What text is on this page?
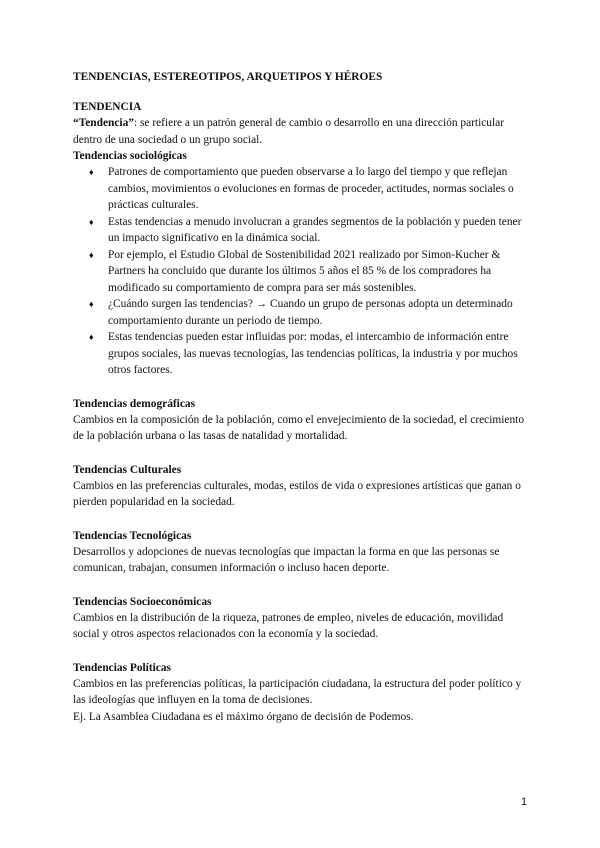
TENDENCIAS, ESTEREOTIPOS, ARQUETIPOS Y HÉROES
TENDENCIA

“Tendencia”: se refiere a un patrón general de cambio o desarrollo en una dirección particular dentro de una sociedad o un grupo social.

Tendencias sociológicas
♦ Patrones de comportamiento que pueden observarse a lo largo del tiempo y que reflejan cambios, movimientos o evoluciones en formas de proceder, actitudes, normas sociales o prácticas culturales.
♦ Estas tendencias a menudo involucran a grandes segmentos de la población y pueden tener un impacto significativo en la dinámica social.
♦ Por ejemplo, el Estudio Global de Sostenibilidad 2021 realizado por Simon-Kucher & Partners ha concluido que durante los últimos 5 años el 85 % de los compradores ha modificado su comportamiento de compra para ser más sostenibles.
♦ ¿Cuándo surgen las tendencias? → Cuando un grupo de personas adopta un determinado comportamiento durante un periodo de tiempo.
♦ Estas tendencias pueden estar influidas por: modas, el intercambio de información entre grupos sociales, las nuevas tecnologías, las tendencias políticas, la industria y por muchos otros factores.
Tendencias demográficas

Cambios en la composición de la población, como el envejecimiento de la sociedad, el crecimiento de la población urbana o las tasas de natalidad y mortalidad.

Tendencias Culturales

Cambios en las preferencias culturales, modas, estilos de vida o expresiones artísticas que ganan o pierden popularidad en la sociedad.

Tendencias Tecnológicas

Desarrollos y adopciones de nuevas tecnologías que impactan la forma en que las personas se comunican, trabajan, consumen información o incluso hacen deporte.

Tendencias Socioeconómicas

Cambios en la distribución de la riqueza, patrones de empleo, niveles de educación, movilidad social y otros aspectos relacionados con la economía y la sociedad.

Tendencias Políticas

Cambios en las preferencias políticas, la participación ciudadana, la estructura del poder político y las ideologías que influyen en la toma de decisiones.

Ej. La Asamblea Ciudadana es el máximo órgano de decisión de Podemos.

1
